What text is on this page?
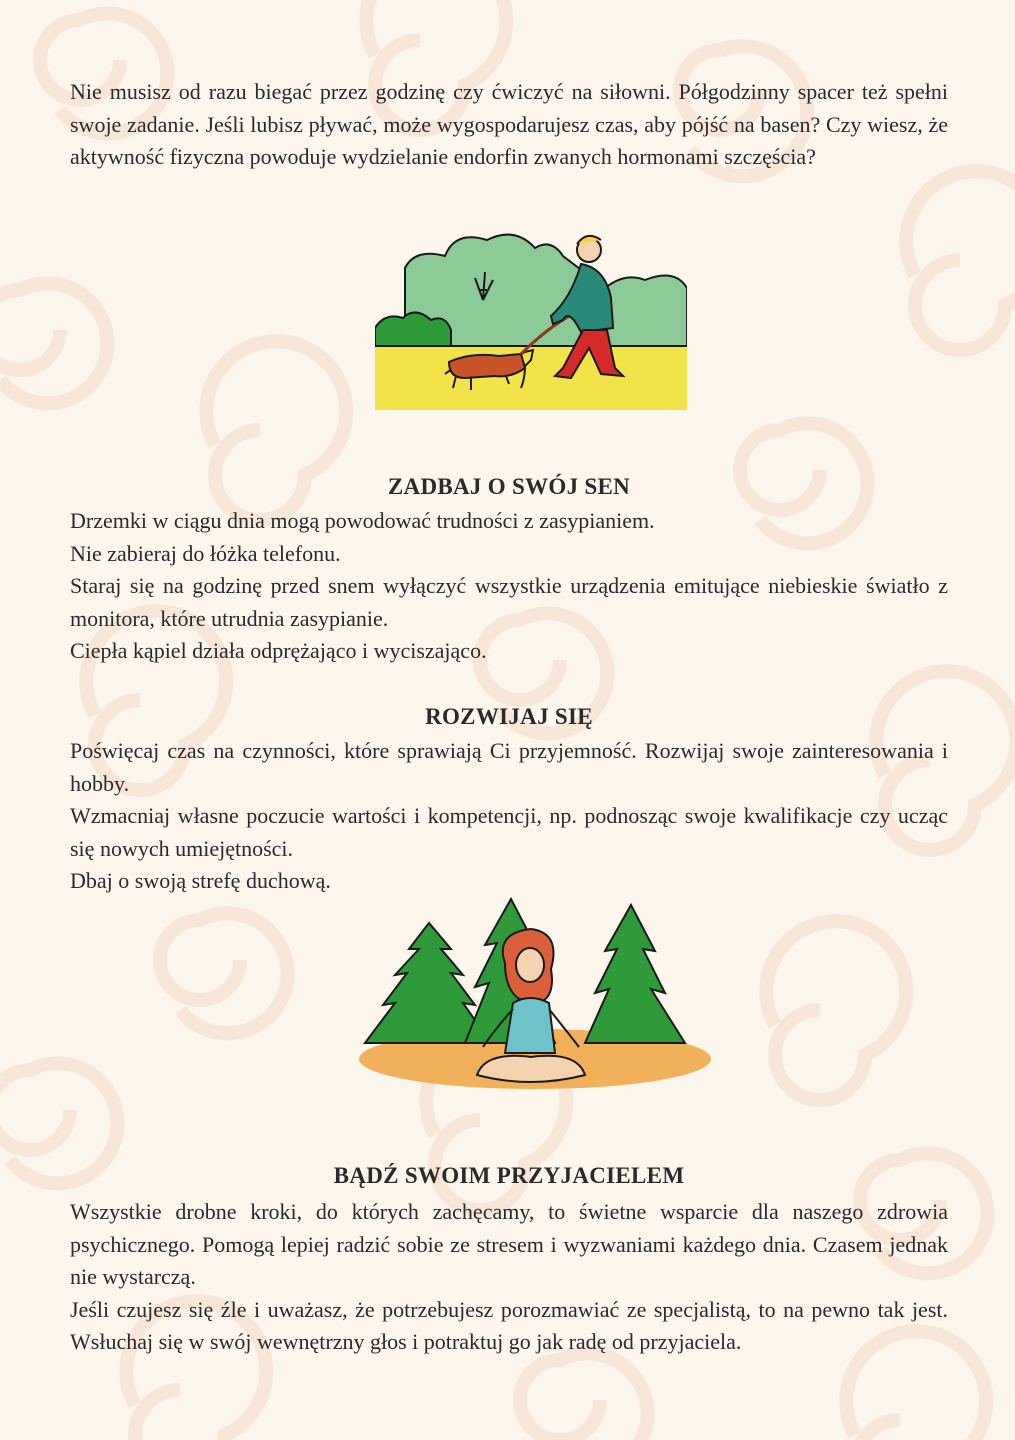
Nie musisz od razu biegać przez godzinę czy ćwiczyć na siłowni. Półgodzinny spacer też spełni swoje zadanie. Jeśli lubisz pływać, może wygospodarujesz czas, aby pójść na basen? Czy wiesz, że aktywność fizyczna powoduje wydzielanie endorfin zwanych hormonami szczęścia?
ZADBAJ O SWÓJ SEN
Drzemki w ciągu dnia mogą powodować trudności z zasypianiem.
Nie zabieraj do łóżka telefonu.
Staraj się na godzinę przed snem wyłączyć wszystkie urządzenia emitujące niebieskie światło z monitora, które utrudnia zasypianie.
Ciepła kąpiel działa odprężająco i wyciszająco.
ROZWIJAJ SIĘ
Poświęcaj czas na czynności, które sprawiają Ci przyjemność. Rozwijaj swoje zainteresowania i hobby.
Wzmacniaj własne poczucie wartości i kompetencji, np. podnosząc swoje kwalifikacje czy ucząc się nowych umiejętności.
Dbaj o swoją strefę duchową.
BĄDŹ SWOIM PRZYJACIELEM
Wszystkie drobne kroki, do których zachęcamy, to świetne wsparcie dla naszego zdrowia psychicznego. Pomogą lepiej radzić sobie ze stresem i wyzwaniami każdego dnia. Czasem jednak nie wystarczą.
Jeśli czujesz się źle i uważasz, że potrzebujesz porozmawiać ze specjalistą, to na pewno tak jest. Wsłuchaj się w swój wewnętrzny głos i potraktuj go jak radę od przyjaciela.
